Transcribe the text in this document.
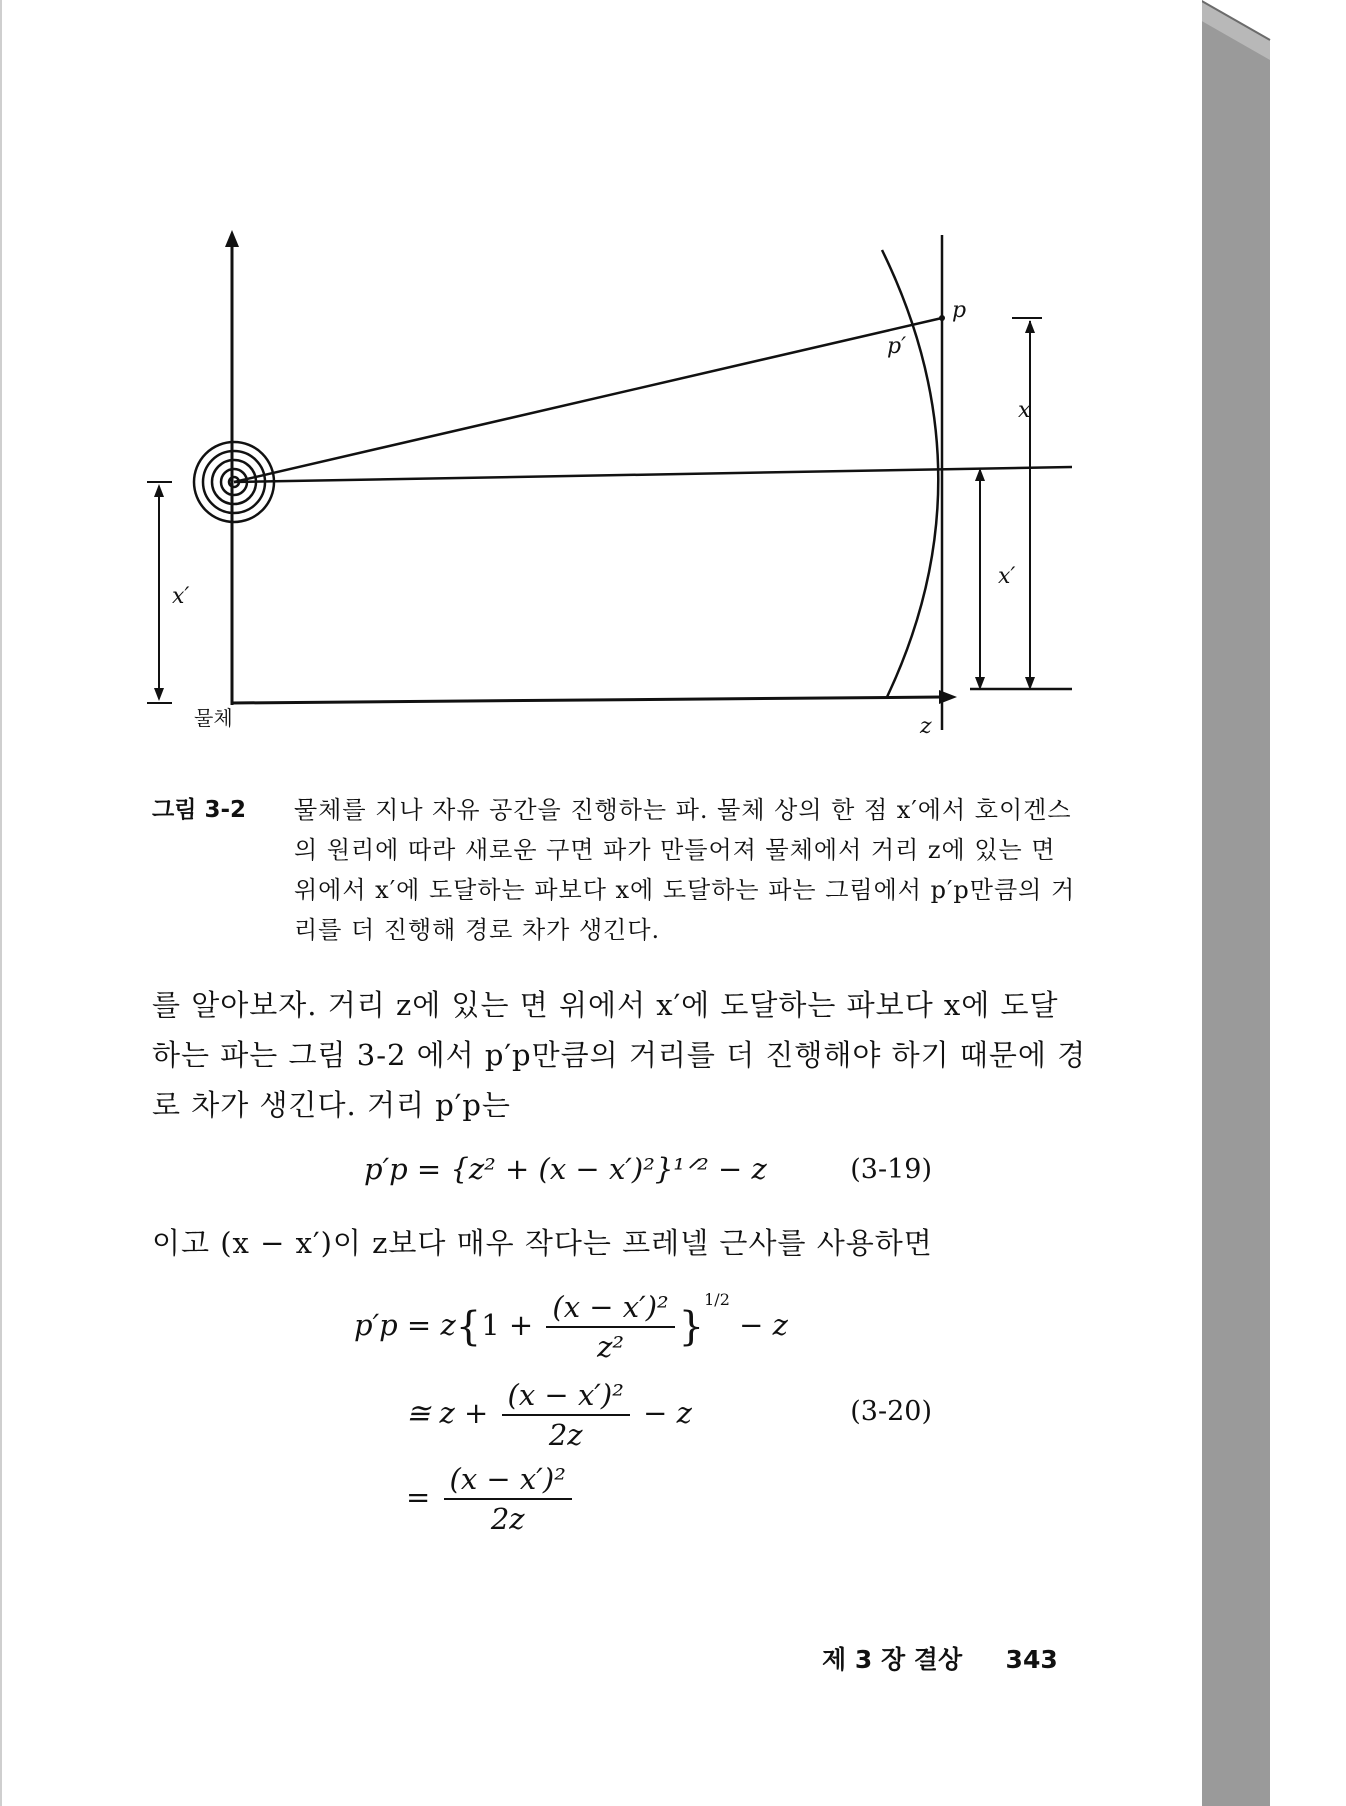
물체
p
p′
x
x′
x′
z
그림 3-2 물체를 지나 자유 공간을 진행하는 파. 물체 상의 한 점 x′에서 호이겐스의 원리에 따라 새로운 구면 파가 만들어져 물체에서 거리 z에 있는 면 위에서 x′에 도달하는 파보다 x에 도달하는 파는 그림에서 p′p만큼의 거리를 더 진행해 경로 차가 생긴다.
를 알아보자. 거리 z에 있는 면 위에서 x′에 도달하는 파보다 x에 도달하는 파는 그림 3-2 에서 p′p만큼의 거리를 더 진행해야 하기 때문에 경로 차가 생긴다. 거리 p′p는
p′p = {z² + (x − x′)²}¹ᐟ² − z	(3-19)
이고 (x − x′)이 z보다 매우 작다는 프레넬 근사를 사용하면
$p'p = z\{1 + \frac{\text{(x − x′)²}}{\text{z²}} \}^{1/2} - z$
≅ $z + \frac{\text{(x − x′)²}}{2z} - z$	(3-20)
= $\frac{\text{(x − x′)²}}{2z}$
제 3 장 결상 343
